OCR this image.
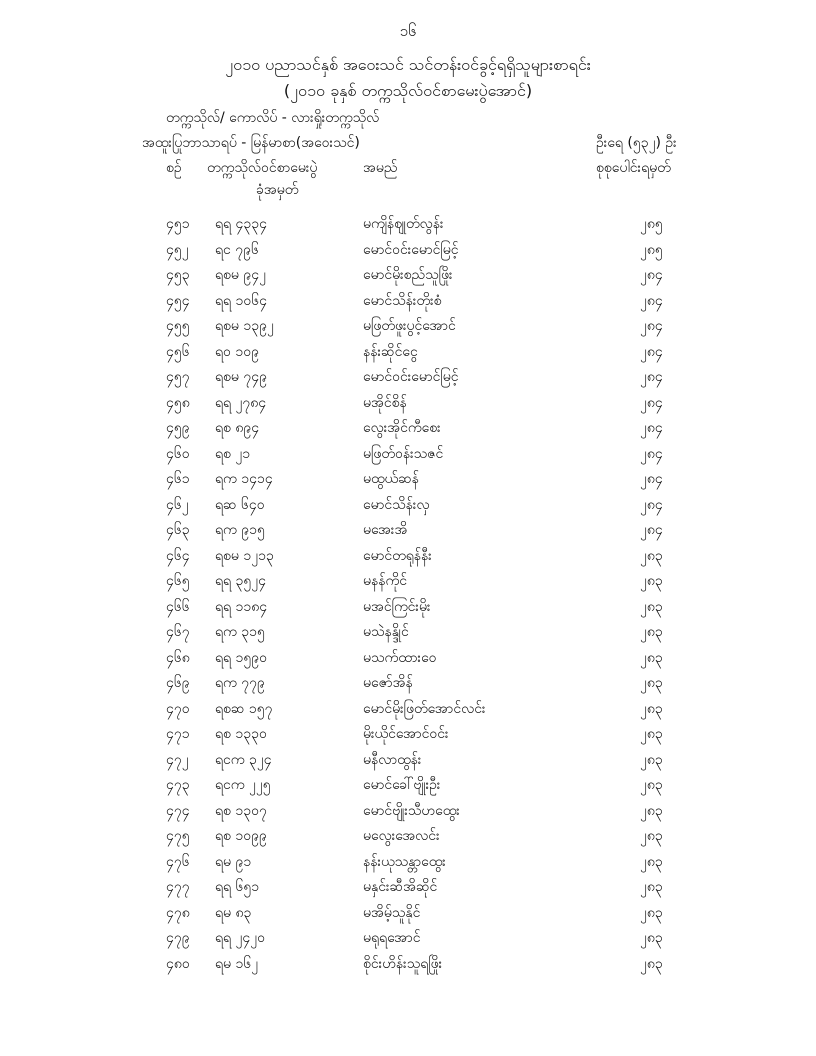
၁၆
၂၀၁၀ ပညာသင်နှစ် အဝေးသင် သင်တန်းဝင်ခွင့်ရရှိသူများစာရင်း
(၂၀၁၀ ခုနှစ် တက္ကသိုလ်ဝင်စာမေးပွဲအောင်)
တက္ကသိုလ်/ ကောလိပ် - လားရှိုးတက္ကသိုလ်
အထူးပြုဘာသာရပ် - မြန်မာစာ(အဝေးသင်)	ဦးရေ (၅၃၂) ဦး
စဉ် တက္ကသိုလ်ဝင်စာမေးပွဲ
ခုံအမှတ်
အမည်	စုစုပေါင်းရမှတ်
၄၅၁ ရရ ၄၃၃၄	မကျိန်ဈုတ်လွန်း	၂၈၅
၄၅၂ ရင ၇၉၆	မောင်ဝင်းမောင်မြင့်	၂၈၅
၄၅၃ ရစမ ၉၄၂	မောင်မိုးစည်သူဖြိုး	၂၈၄
၄၅၄ ရရ ၁၀၆၄	မောင်သိန်းတိုးစံ	၂၈၄
၄၅၅ ရစမ ၁၃၉၂	မဖြတ်ဖူးပွင့်အောင်	၂၈၄
၄၅၆ ရဝ ၁၀၉	နန်းဆိုင်ငွေ	၂၈၄
၄၅၇ ရစမ ၇၄၉	မောင်ဝင်းမောင်မြင့်	၂၈၄
၄၅၈ ရရ ၂၇၈၄	မအိုင်စိန်	၂၈၄
၄၅၉ ရစ ၈၉၄	လွေးအိုင်ကီစေး	၂၈၄
၄၆၀ ရစ ၂၁	မဖြတ်ဝန်းသဇင်	၂၈၄
၄၆၁ ရက ၁၄၁၄	မထွယ်ဆန်	၂၈၄
၄၆၂ ရဆ ၆၄၀	မောင်သိန်းလှ	၂၈၄
၄၆၃ ရက ၉၁၅	မအေးအိ	၂၈၄
၄၆၄ ရစမ ၁၂၁၃	မောင်တရုန်နီး	၂၈၃
၄၆၅ ရရ ၃၅၂၄	မနန်ကိုင်	၂၈၃
၄၆၆ ရရ ၁၁၈၄	မအင်ကြင်းမိုး	၂၈၃
၄၆၇ ရက ၃၁၅	မသဲနန္ဒိုင်	၂၈၃
၄၆၈ ရရ ၁၅၉၀	မသက်ထားဝေ	၂၈၃
၄၆၉ ရက ၇၇၉	မဇော်အိန်	၂၈၃
၄၇၀ ရစဆ ၁၅၇	မောင်မိုးဖြတ်အောင်လင်း	၂၈၃
၄၇၁ ရစ ၁၃၃၀	မိုးယိုင်အောင်ဝင်း	၂၈၃
၄၇၂ ရငက ၃၂၄	မနီလာထွန်း	၂၈၃
၄၇၃ ရငက ၂၂၅	မောင်ခေါ်ဗျိုးဦး	၂၈၃
၄၇၄ ရစ ၁၃၀၇	မောင်ဗျိုးသီဟထွေး	၂၈၃
၄၇၅ ရစ ၁၀၉၉	မလွေးအေလင်း	၂၈၃
၄၇၆ ရမ ၉၁	နန်းယုသန္တာထွေး	၂၈၃
၄၇၇ ရရ ၆၅၁	မနှင်းဆီအိဆိုင်	၂၈၃
၄၇၈ ရမ ၈၃	မအိမ့်သူနိုင်	၂၈၃
၄၇၉ ရရ ၂၄၂၀	မရုရအောင်	၂၈၃
၄၈၀ ရမ ၁၆၂	စိုင်းဟိန်းသူရဖြိုး	၂၈၃
